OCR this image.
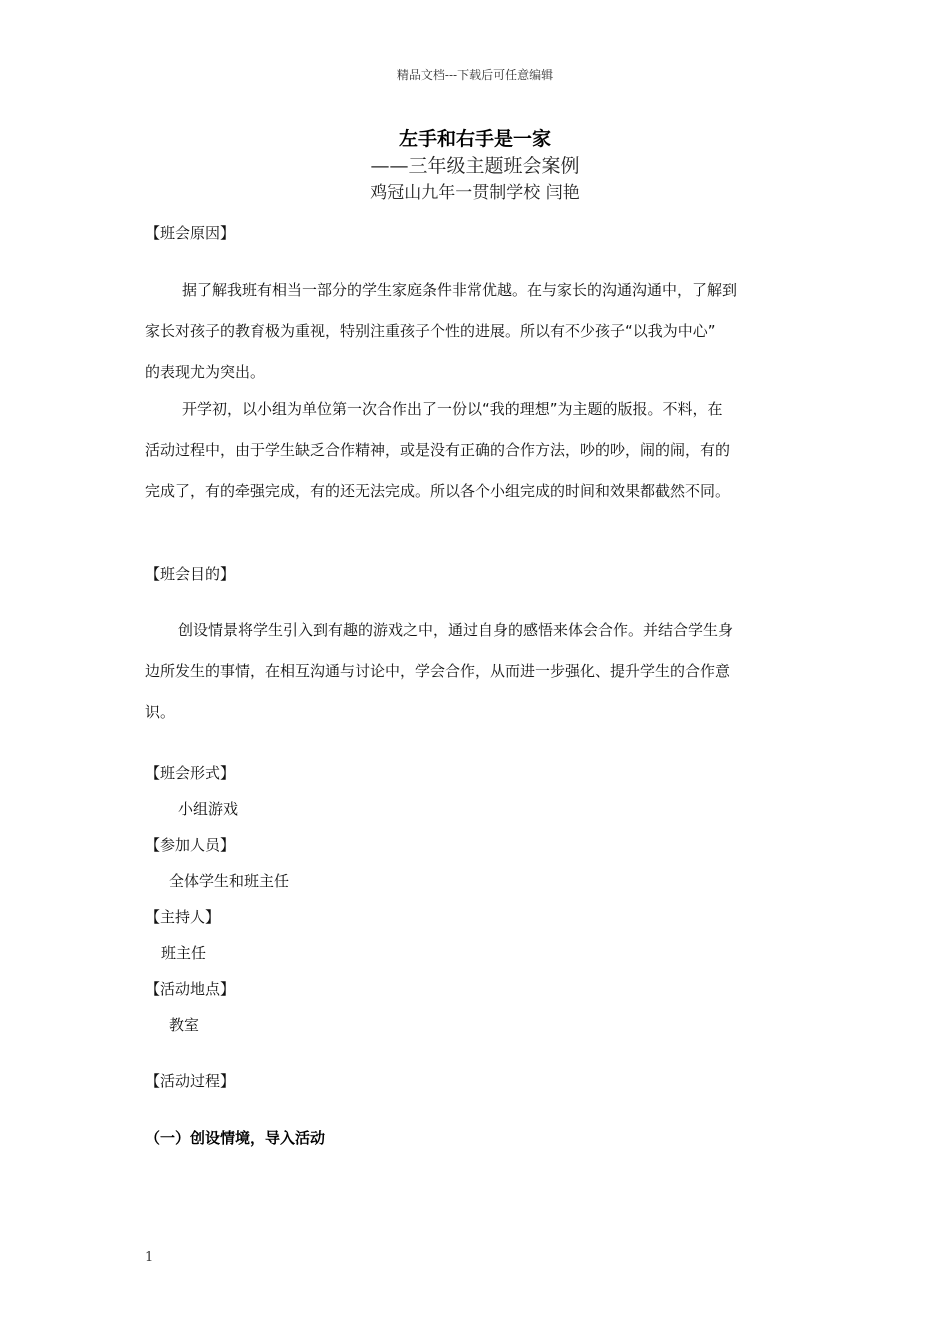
精品文档---下载后可任意编辑
左手和右手是一家
——三年级主题班会案例
鸡冠山九年一贯制学校 闫艳
【班会原因】
据了解我班有相当一部分的学生家庭条件非常优越。在与家长的沟通沟通中，了解到
家长对孩子的教育极为重视，特别注重孩子个性的进展。所以有不少孩子“以我为中心”
的表现尤为突出。
开学初，以小组为单位第一次合作出了一份以“我的理想”为主题的版报。不料，在
活动过程中，由于学生缺乏合作精神，或是没有正确的合作方法，吵的吵，闹的闹，有的
完成了，有的牵强完成，有的还无法完成。所以各个小组完成的时间和效果都截然不同。
【班会目的】
创设情景将学生引入到有趣的游戏之中，通过自身的感悟来体会合作。并结合学生身
边所发生的事情，在相互沟通与讨论中，学会合作，从而进一步强化、提升学生的合作意
识。
【班会形式】
小组游戏
【参加人员】
全体学生和班主任
【主持人】
班主任
【活动地点】
教室
【活动过程】
（一）创设情境，导入活动
1
